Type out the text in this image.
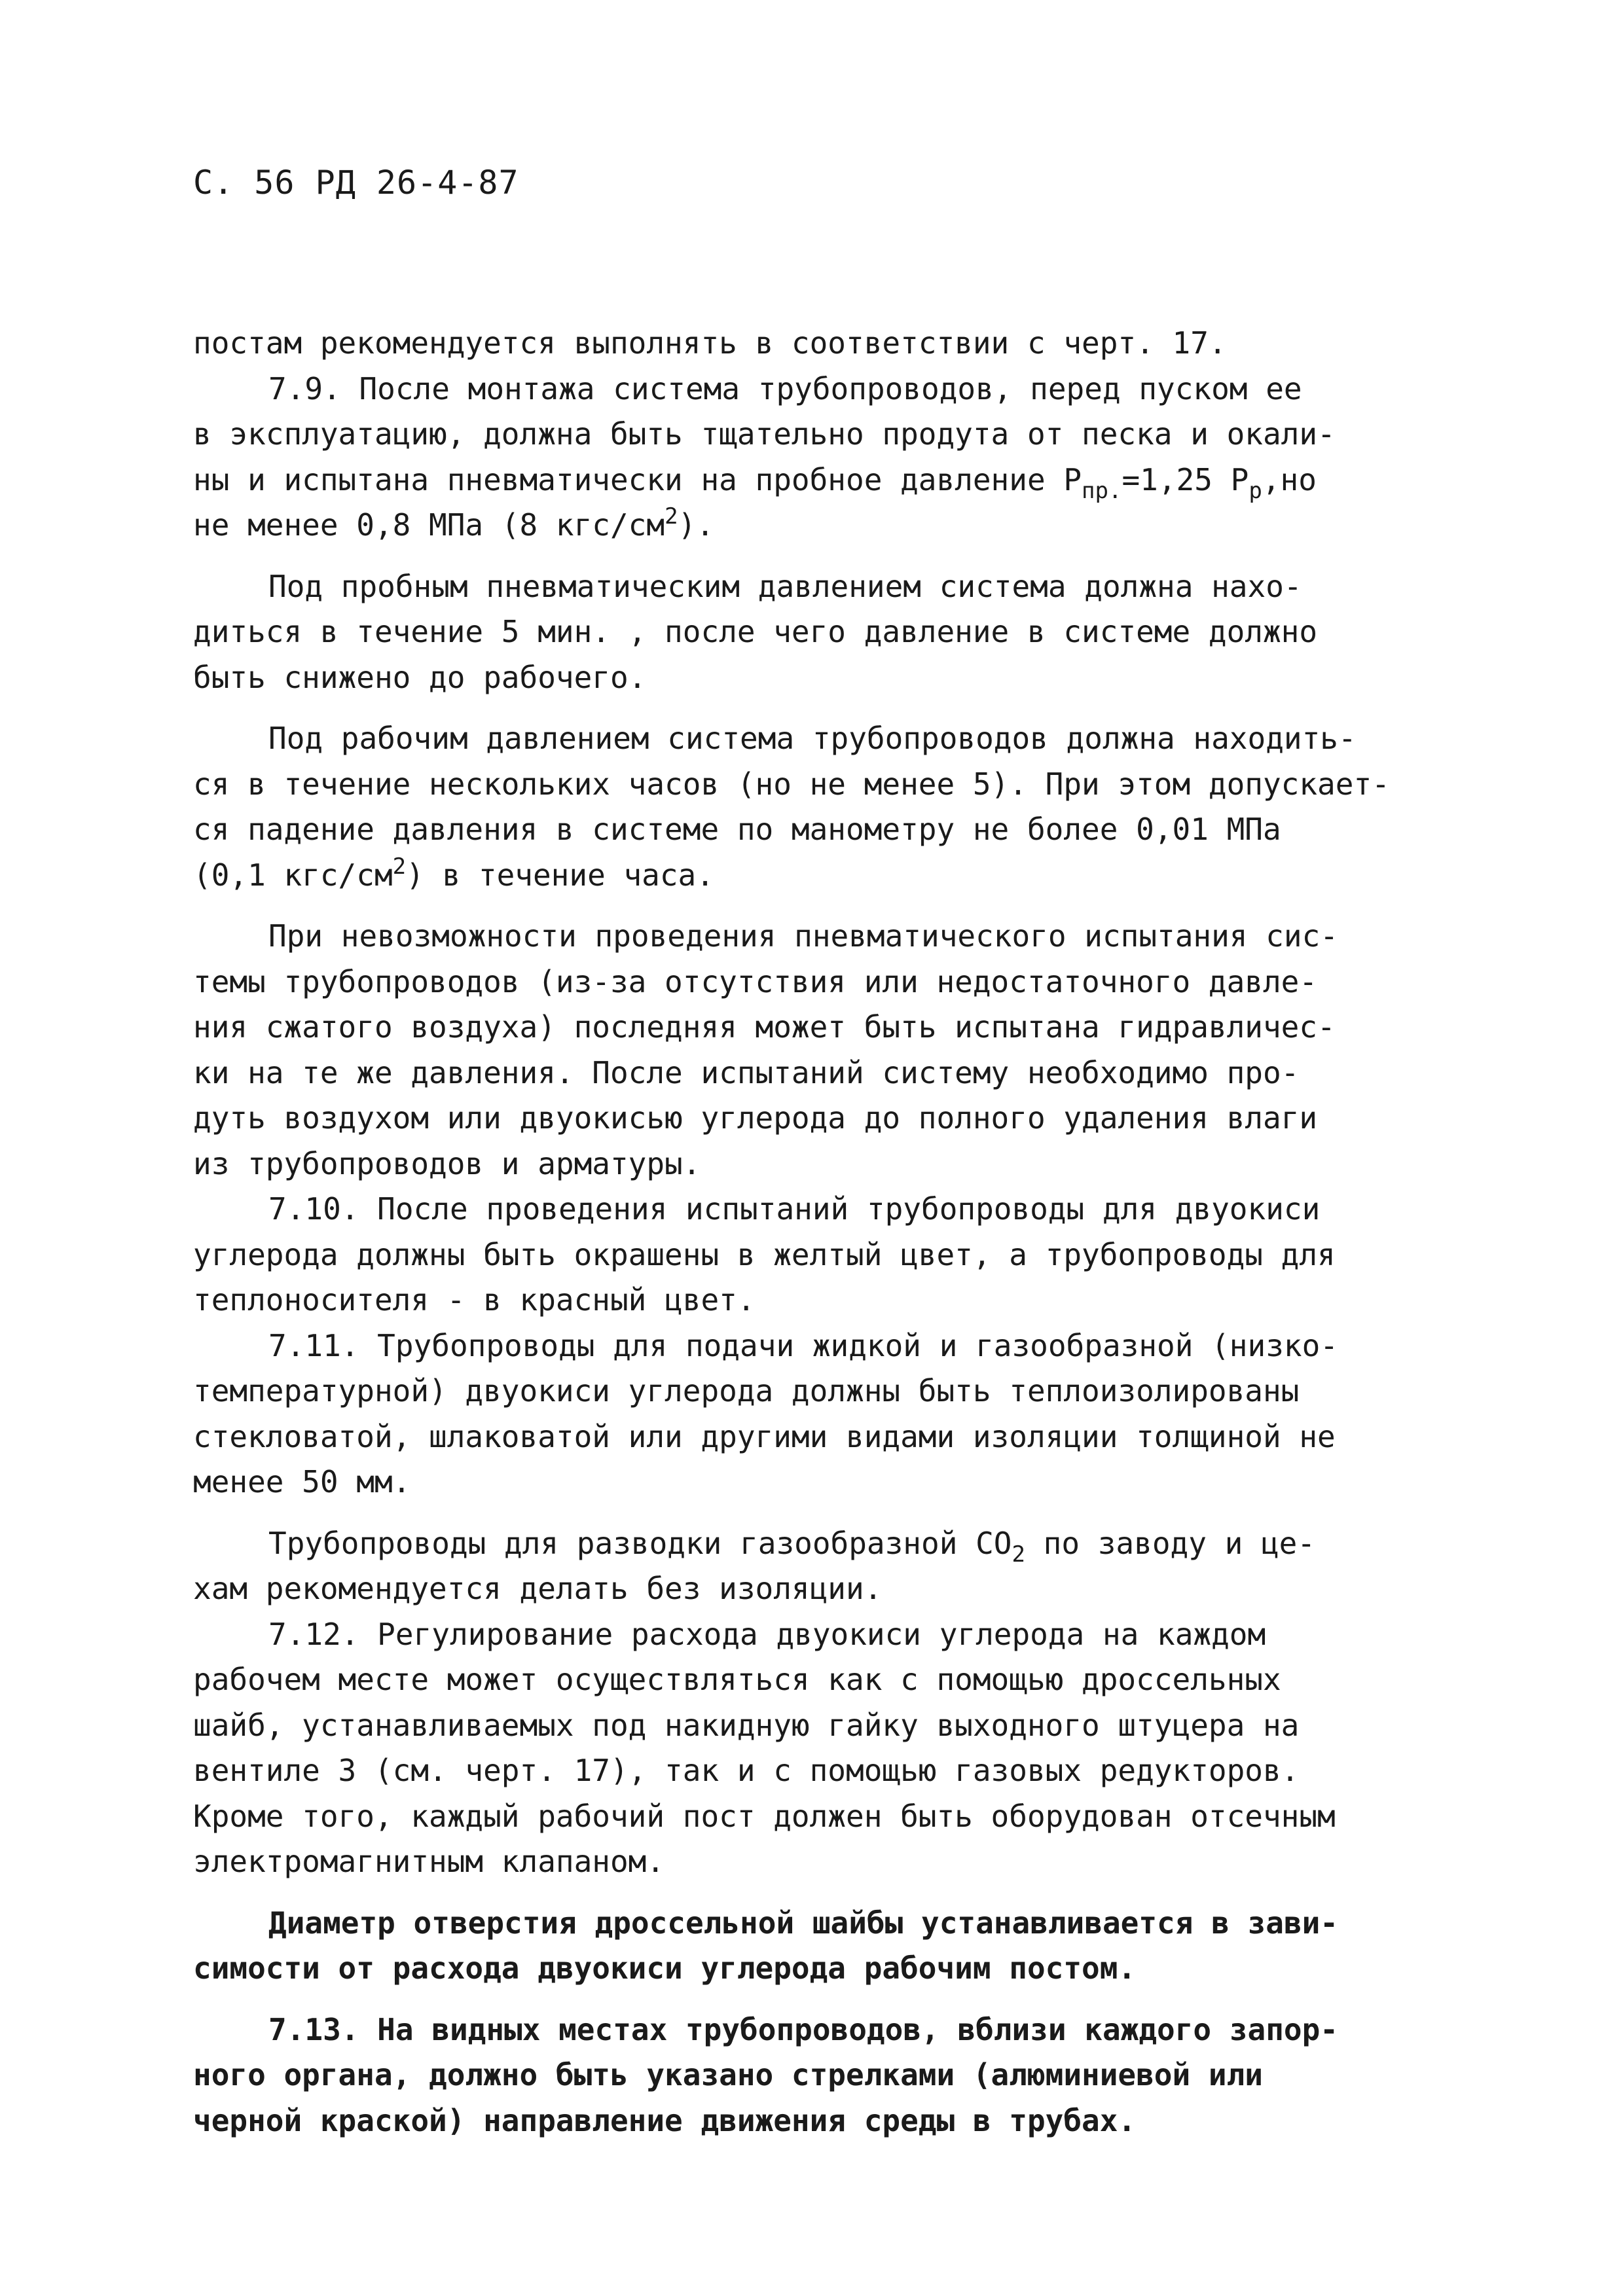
С. 56 РД 26-4-87
постам рекомендуется выполнять в соответствии с черт. 17.
7.9. После монтажа система трубопроводов, перед пуском ее
в эксплуатацию, должна быть тщательно продута от песка и окали-
ны и испытана пневматически на пробное давление $Р_{пр.}=1,25$ $Р_р,но$
не менее 0,8 МПа (8 кгс/$см^2$).
Под пробным пневматическим давлением система должна нахо-
диться в течение 5 мин. , после чего давление в системе должно
быть снижено до рабочего.
Под рабочим давлением система трубопроводов должна находить-
ся в течение нескольких часов (но не менее 5). При этом допускает-
ся падение давления в системе по манометру не более 0,01 МПа
(0,1 кгс/$см^2$) в течение часа.
При невозможности проведения пневматического испытания сис-
темы трубопроводов (из-за отсутствия или недостаточного давле-
ния сжатого воздуха) последняя может быть испытана гидравличес-
ки на те же давления. После испытаний систему необходимо про-
дуть воздухом или двуокисью углерода до полного удаления влаги
из трубопроводов и арматуры.
7.10. После проведения испытаний трубопроводы для двуокиси
углерода должны быть окрашены в желтый цвет, а трубопроводы для
теплоносителя - в красный цвет.
7.11. Трубопроводы для подачи жидкой и газообразной (низко-
температурной) двуокиси углерода должны быть теплоизолированы
стекловатой, шлаковатой или другими видами изоляции толщиной не
менее 50 мм.
Трубопроводы для разводки газообразной $СО_2$ по заводу и це-
хам рекомендуется делать без изоляции.
7.12. Регулирование расхода двуокиси углерода на каждом
рабочем месте может осуществляться как с помощью дроссельных
шайб, устанавливаемых под накидную гайку выходного штуцера на
вентиле 3 (см. черт. 17), так и с помощью газовых редукторов.
Кроме того, каждый рабочий пост должен быть оборудован отсечным
электромагнитным клапаном.
Диаметр отверстия дроссельной шайбы устанавливается в зави-
симости от расхода двуокиси углерода рабочим постом.
7.13. На видных местах трубопроводов, вблизи каждого запор-
ного органа, должно быть указано стрелками (алюминиевой или
черной краской) направление движения среды в трубах.
